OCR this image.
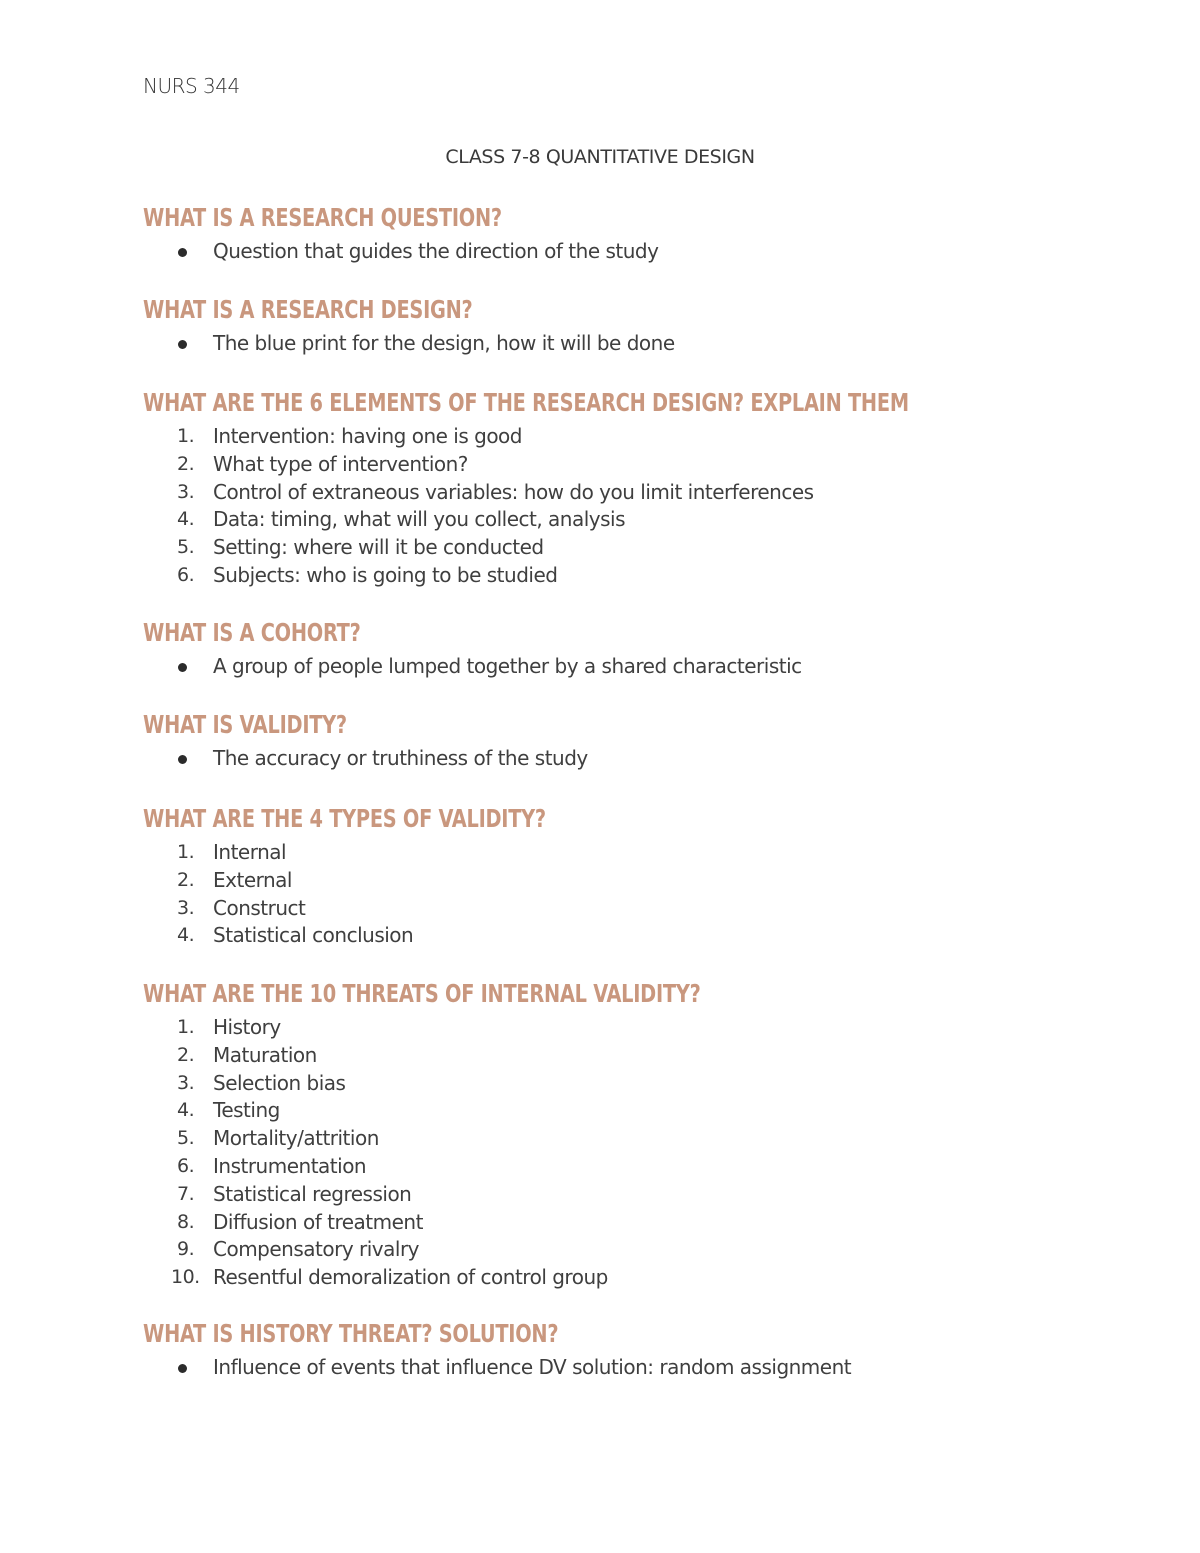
NURS 344
CLASS 7-8 QUANTITATIVE DESIGN
WHAT IS A RESEARCH QUESTION?
Question that guides the direction of the study
WHAT IS A RESEARCH DESIGN?
The blue print for the design, how it will be done
WHAT ARE THE 6 ELEMENTS OF THE RESEARCH DESIGN? EXPLAIN THEM
1. Intervention: having one is good
2. What type of intervention?
3. Control of extraneous variables: how do you limit interferences
4. Data: timing, what will you collect, analysis
5. Setting: where will it be conducted
6. Subjects: who is going to be studied
WHAT IS A COHORT?
A group of people lumped together by a shared characteristic
WHAT IS VALIDITY?
The accuracy or truthiness of the study
WHAT ARE THE 4 TYPES OF VALIDITY?
1. Internal
2. External
3. Construct
4. Statistical conclusion
WHAT ARE THE 10 THREATS OF INTERNAL VALIDITY?
1. History
2. Maturation
3. Selection bias
4. Testing
5. Mortality/attrition
6. Instrumentation
7. Statistical regression
8. Diffusion of treatment
9. Compensatory rivalry
10. Resentful demoralization of control group
WHAT IS HISTORY THREAT? SOLUTION?
Influence of events that influence DV solution: random assignment
